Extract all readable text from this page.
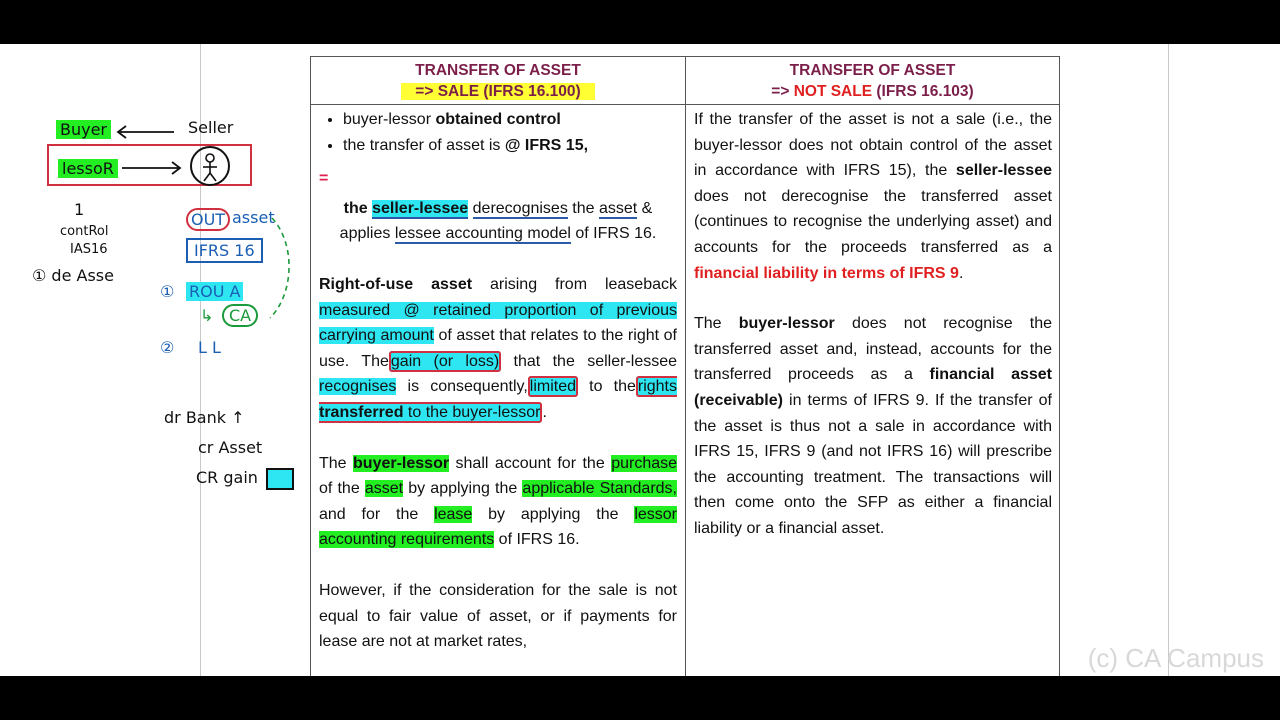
Buyer	Seller
lessoR
1
contRol
IAS16
① de Asse
OUT asset
IFRS 16
① ROU A
↳ CA
② L L
dr Bank ↑
cr Asset
CR gain
TRANSFER OF ASSET
=> SALE (IFRS 16.100)
TRANSFER OF ASSET
=> NOT SALE (IFRS 16.103)
• buyer-lessor obtained control
• the transfer of asset is @ IFRS 15,

=

the seller-lessee derecognises the asset & applies lessee accounting model of IFRS 16.

Right-of-use asset arising from leaseback measured @ retained proportion of previous carrying amount of asset that relates to the right of use. The gain (or loss) that the seller-lessee recognises is consequently, limited to the rights transferred to the buyer-lessor .

The buyer-lessor shall account for the purchase of the asset by applying the applicable Standards, and for the lease by applying the lessor accounting requirements of IFRS 16.

However, if the consideration for the sale is not equal to fair value of asset, or if payments for lease are not at market rates,

If the transfer of the asset is not a sale (i.e., the buyer-lessor does not obtain control of the asset in accordance with IFRS 15), the seller-lessee does not derecognise the transferred asset (continues to recognise the underlying asset) and accounts for the proceeds transferred as a financial liability in terms of IFRS 9.

The buyer-lessor does not recognise the transferred asset and, instead, accounts for the transferred proceeds as a financial asset (receivable) in terms of IFRS 9. If the transfer of the asset is thus not a sale in accordance with IFRS 15, IFRS 9 (and not IFRS 16) will prescribe the accounting treatment. The transactions will then come onto the SFP as either a financial liability or a financial asset.

(c) CA Campus
